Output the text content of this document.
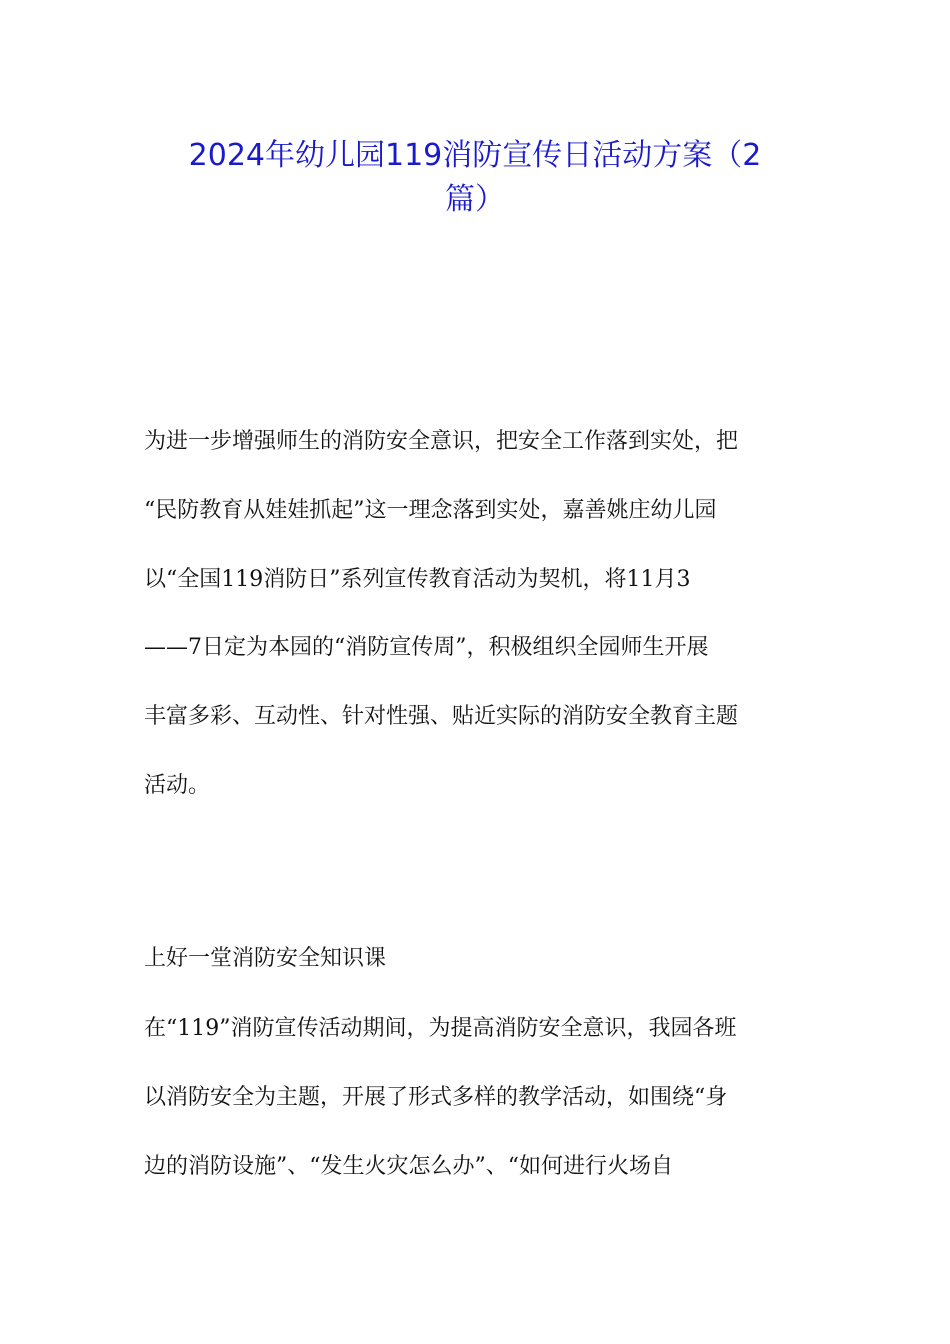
2024年幼儿园119消防宣传日活动方案（2
篇）

为进一步增强师生的消防安全意识，把安全工作落到实处，把

“民防教育从娃娃抓起”这一理念落到实处，嘉善姚庄幼儿园

以“全国119消防日”系列宣传教育活动为契机，将11月3

——7日定为本园的“消防宣传周”，积极组织全园师生开展

丰富多彩、互动性、针对性强、贴近实际的消防安全教育主题

活动。

上好一堂消防安全知识课

在“119”消防宣传活动期间，为提高消防安全意识，我园各班

以消防安全为主题，开展了形式多样的教学活动，如围绕“身

边的消防设施”、“发生火灾怎么办”、“如何进行火场自
